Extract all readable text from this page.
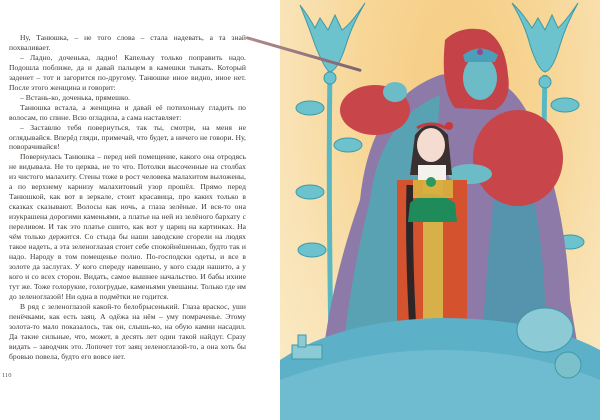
Ну, Танюшка, – не того слова – стала надевать, а та знай похваливает.

– Ладно, доченька, ладно! Капельку только поправить надо. Подошла поближе, да и давай пальцем в камешки тыкать. Который заденет – тот и загорится по-другому. Танюшке иное видно, иное нет. После этого женщина и говорит:

– Встань-ко, доченька, прямешко.

Танюшка встала, а женщина и давай её потихоньку гладить по волосам, по спине. Всю огладила, а сама наставляет:

– Заставлю тебя повернуться, так ты, смотри, на меня не оглядывайся. Вперёд гляди, примечай, что будет, а ничего не говори. Ну, поворачивайся!

Повернулась Танюшка – перед ней помещение, какого она отродясь не видывала. Не то церква, не то что. Потолки высоченные на столбах из чистого малахиту. Стены тоже в рост человека малахитом выложены, а по верхнему карнизу малахитовый узор прошёл. Прямо перед Танюшкой, как вот в зеркале, стоит красавица, про каких только в сказках сказывают. Волосы как ночь, а глаза зелёные. И вся-то она изукрашена дорогими каменьями, а платье на ней из зелёного бархату с переливом. И так это платье сшито, как вот у цариц на картинках. На чём только держится. Со стыда бы наши заводские сгорели на людях такое надеть, а эта зеленоглазая стоит себе спокойнёшенько, будто так и надо. Народу в том помещенье полно. По-господски одеты, и все в золоте да заслугах. У кого спереду навешано, у кого сзади нашито, а у кого и со всех сторон. Видать, самое вышнее начальство. И бабы ихние тут же. Тоже голорукие, гологрудые, каменьями увешаны. Только где им до зеленоглазой! Ни одна в подмётки не годится.

В ряд с зеленоглазой какой-то белобрысенький. Глаза враскос, уши пенёчками, как есть заяц. А одёжа на нём – уму помраченье. Этому золота-то мало показалось, так он, слышь-ко, на обую камни насадил. Да такие сильные, что, может, в десять лет один такой найдут. Сразу видать – заводчик это. Лопочет тот заяц зеленоглазой-то, а она хоть бы бровью повела, будто его вовсе нет.

110
